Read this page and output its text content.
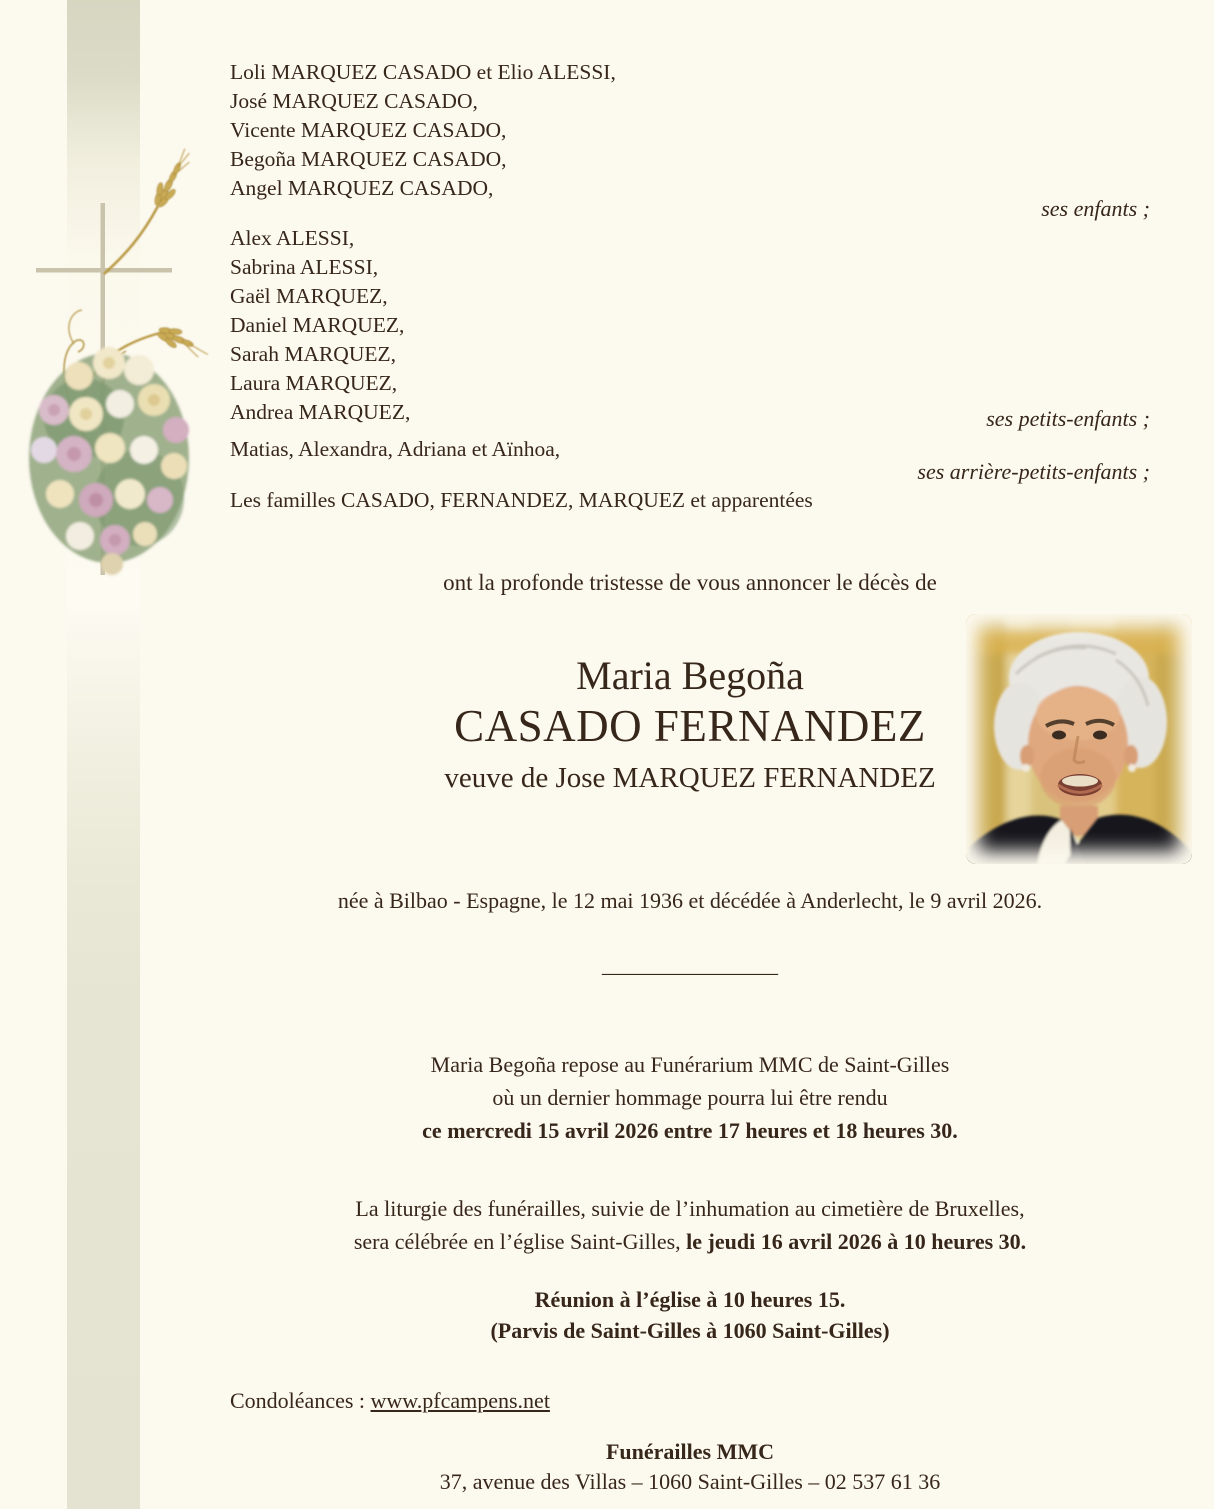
Loli MARQUEZ CASADO et Elio ALESSI,
José MARQUEZ CASADO,
Vicente MARQUEZ CASADO,
Begoña MARQUEZ CASADO,
Angel MARQUEZ CASADO,
ses enfants ;
Alex ALESSI,
Sabrina ALESSI,
Gaël MARQUEZ,
Daniel MARQUEZ,
Sarah MARQUEZ,
Laura MARQUEZ,
Andrea MARQUEZ,	ses petits-enfants ;
Matias, Alexandra, Adriana et Aïnhoa,
ses arrière-petits-enfants ;
Les familles CASADO, FERNANDEZ, MARQUEZ et apparentées
ont la profonde tristesse de vous annoncer le décès de
Maria Begoña
CASADO FERNANDEZ
veuve de Jose MARQUEZ FERNANDEZ
née à Bilbao - Espagne, le 12 mai 1936 et décédée à Anderlecht, le 9 avril 2026.
________________
Maria Begoña repose au Funérarium MMC de Saint-Gilles
où un dernier hommage pourra lui être rendu
ce mercredi 15 avril 2026 entre 17 heures et 18 heures 30.
La liturgie des funérailles, suivie de l’inhumation au cimetière de Bruxelles,
sera célébrée en l’église Saint-Gilles, le jeudi 16 avril 2026 à 10 heures 30.
Réunion à l’église à 10 heures 15.
(Parvis de Saint-Gilles à 1060 Saint-Gilles)
Condoléances : www.pfcampens.net
Funérailles MMC
37, avenue des Villas – 1060 Saint-Gilles – 02 537 61 36
